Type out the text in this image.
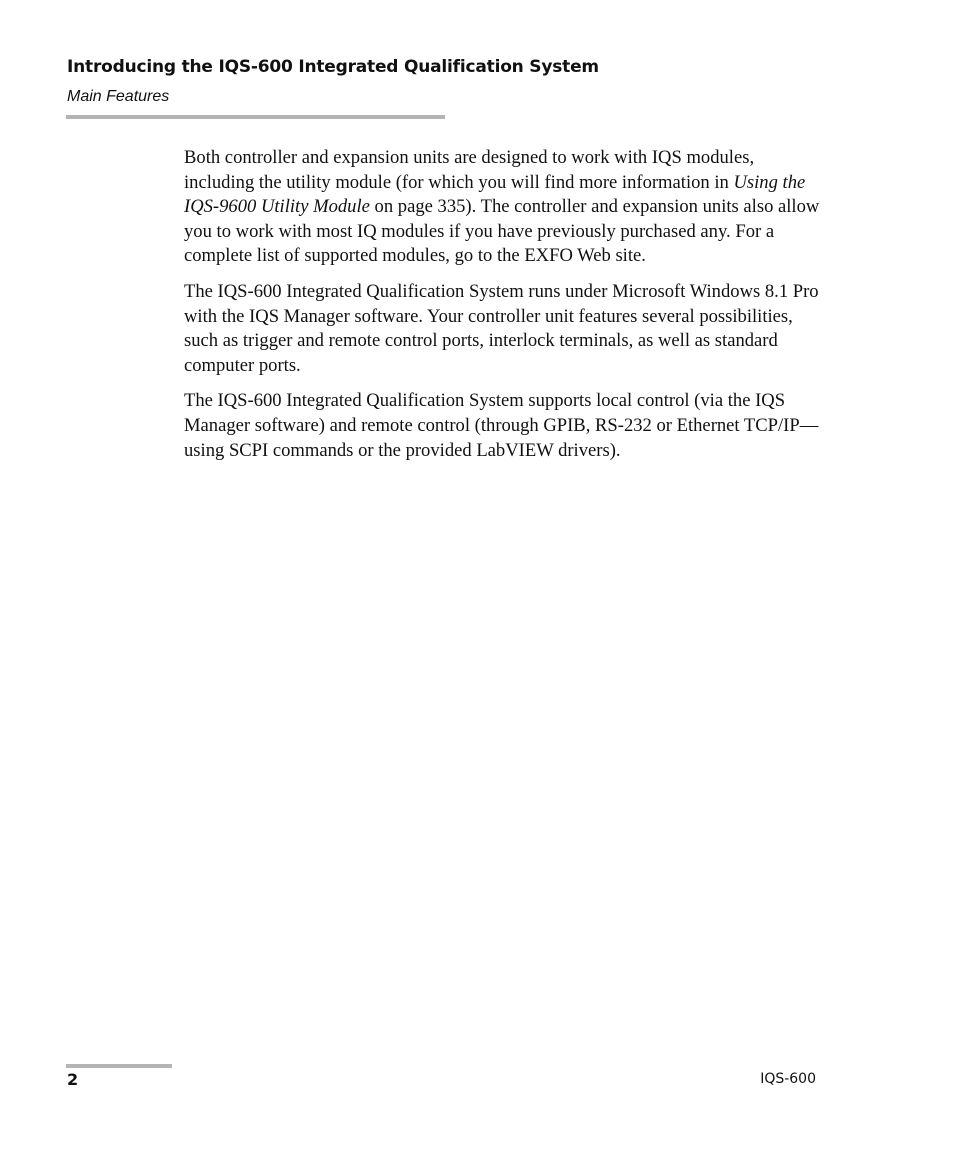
Introducing the IQS-600 Integrated Qualification System
Main Features

Both controller and expansion units are designed to work with IQS modules, including the utility module (for which you will find more information in Using the IQS-9600 Utility Module on page 335). The controller and expansion units also allow you to work with most IQ modules if you have previously purchased any. For a complete list of supported modules, go to the EXFO Web site.

The IQS-600 Integrated Qualification System runs under Microsoft Windows 8.1 Pro with the IQS Manager software. Your controller unit features several possibilities, such as trigger and remote control ports, interlock terminals, as well as standard computer ports.

The IQS-600 Integrated Qualification System supports local control (via the IQS Manager software) and remote control (through GPIB, RS-232 or Ethernet TCP/IP—using SCPI commands or the provided LabVIEW drivers).

2	IQS-600
